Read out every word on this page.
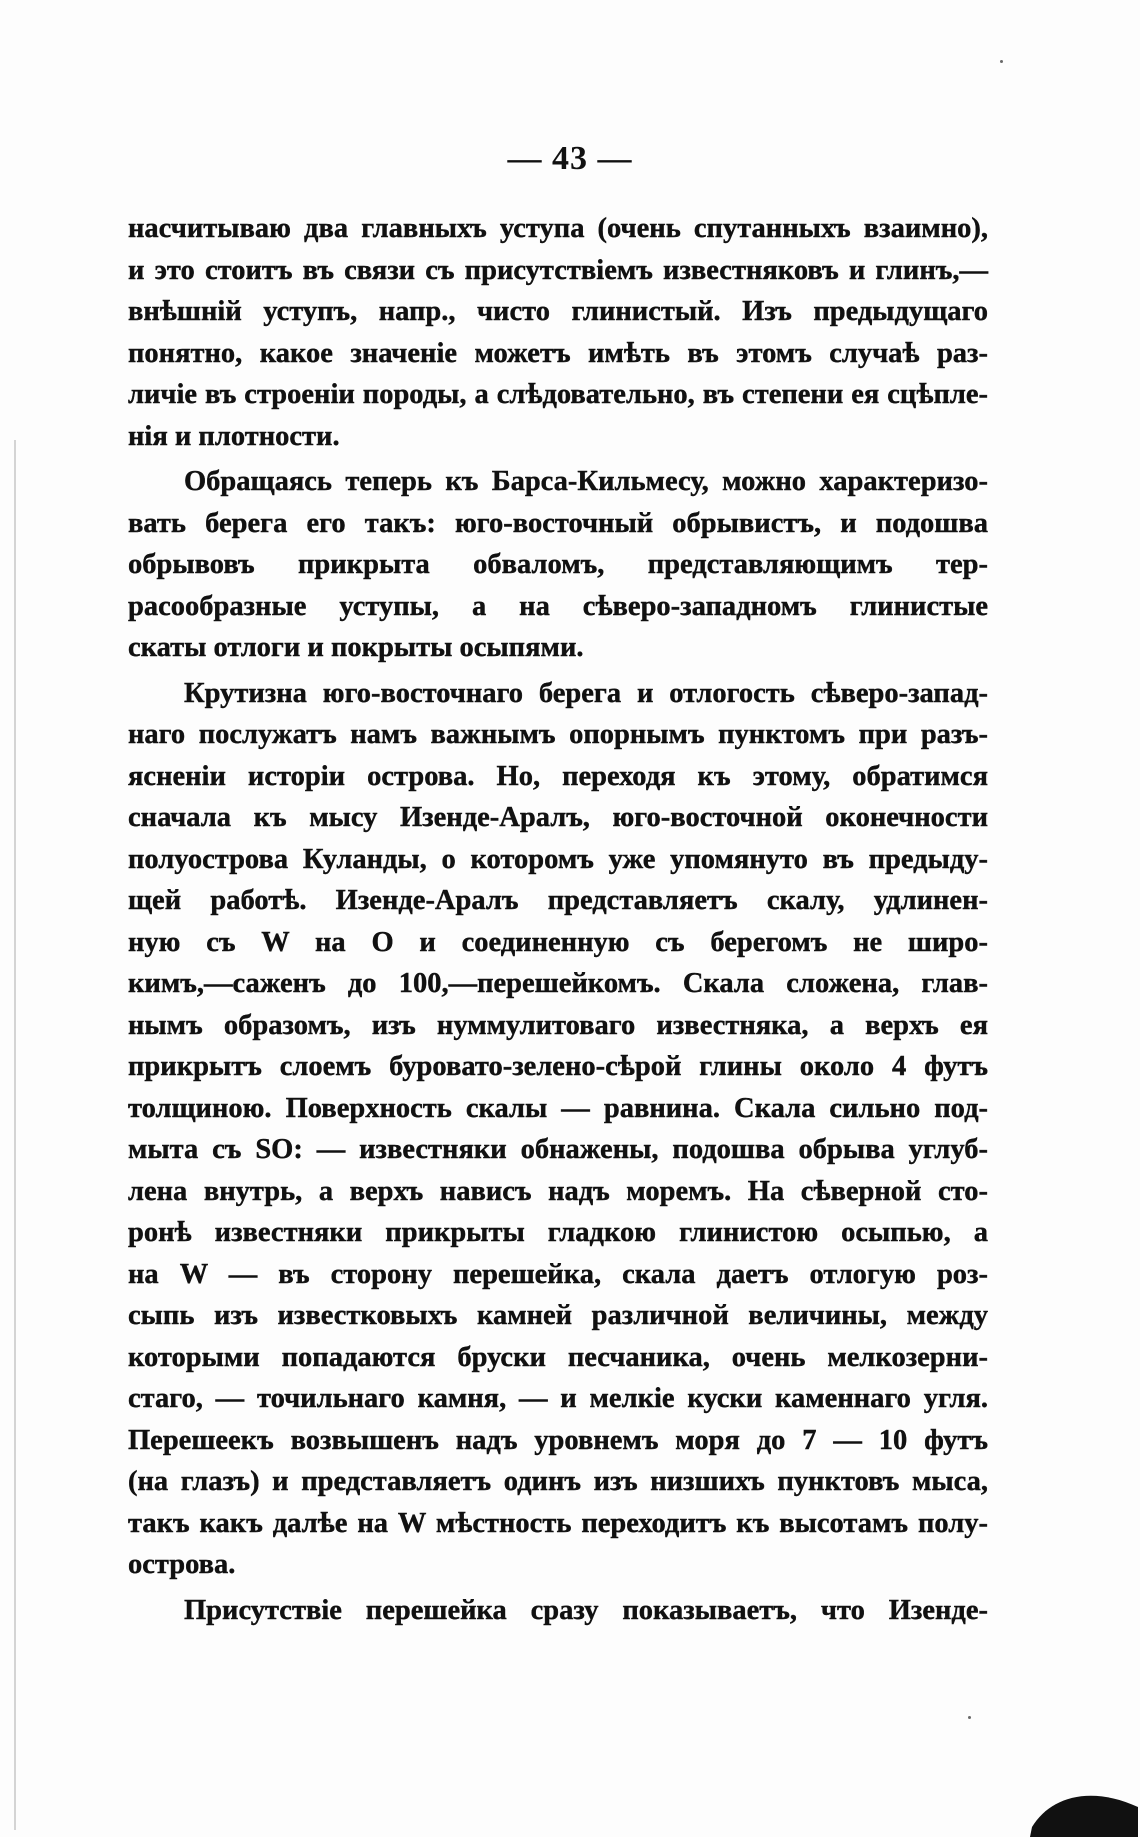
— 43 —
насчитываю два главныхъ уступа (очень спутанныхъ взаимно),
и это стоитъ въ связи съ присутствіемъ известняковъ и глинъ,—
внѣшній уступъ, напр., чисто глинистый. Изъ предыдущаго
понятно, какое значеніе можетъ имѣть въ этомъ случаѣ раз-
личіе въ строеніи породы, а слѣдовательно, въ степени ея сцѣпле-
нія и плотности.
Обращаясь теперь къ Барса-Кильмесу, можно характеризо-
вать берега его такъ: юго-восточный обрывистъ, и подошва
обрывовъ прикрыта обваломъ, представляющимъ тер-
расообразные уступы, а на сѣверо-западномъ глинистые
скаты отлоги и покрыты осыпями.
Крутизна юго-восточнаго берега и отлогость сѣверо-запад-
наго послужатъ намъ важнымъ опорнымъ пунктомъ при разъ-
ясненіи исторіи острова. Но, переходя къ этому, обратимся
сначала къ мысу Изенде-Аралъ, юго-восточной оконечности
полуострова Куланды, о которомъ уже упомянуто въ предыду-
щей работѣ. Изенде-Аралъ представляетъ скалу, удлинен-
ную съ W на O и соединенную съ берегомъ не широ-
кимъ,—саженъ до 100,—перешейкомъ. Скала сложена, глав-
нымъ образомъ, изъ нуммулитоваго известняка, а верхъ ея
прикрытъ слоемъ буровато-зелено-сѣрой глины около 4 футъ
толщиною. Поверхность скалы — равнина. Скала сильно под-
мыта съ SO: — известняки обнажены, подошва обрыва углуб-
лена внутрь, а верхъ нависъ надъ моремъ. На сѣверной сто-
ронѣ известняки прикрыты гладкою глинистою осыпью, а
на W — въ сторону перешейка, скала даетъ отлогую роз-
сыпь изъ известковыхъ камней различной величины, между
которыми попадаются бруски песчаника, очень мелкозерни-
стаго, — точильнаго камня, — и мелкіе куски каменнаго угля.
Перешеекъ возвышенъ надъ уровнемъ моря до 7 — 10 футъ
(на глазъ) и представляетъ одинъ изъ низшихъ пунктовъ мыса,
такъ какъ далѣе на W мѣстность переходитъ къ высотамъ полу-
острова.
Присутствіе перешейка сразу показываетъ, что Изенде-
